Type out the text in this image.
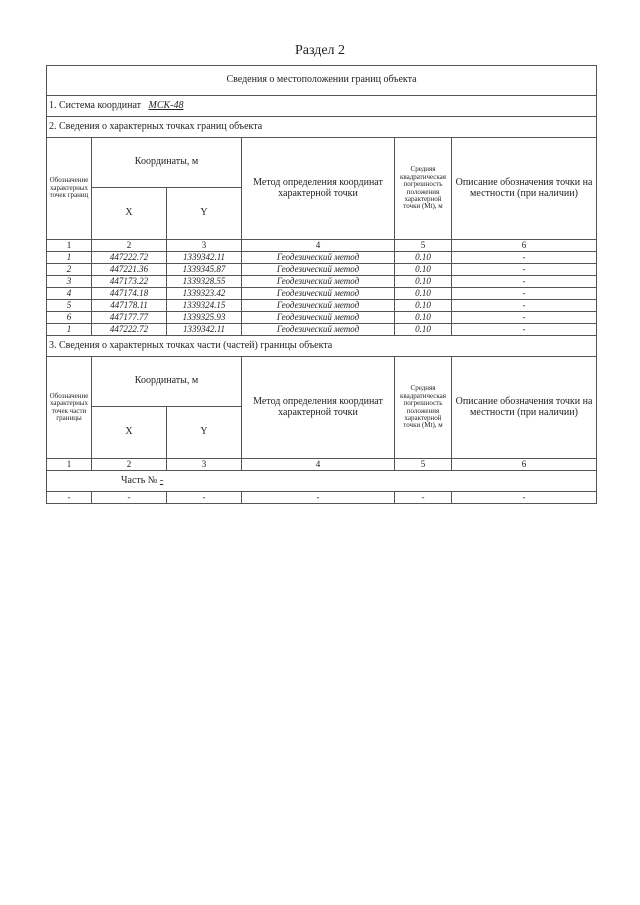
Раздел 2
Сведения о местоположении границ объекта					
1. Система координат МСК-48					
2. Сведения о характерных точках границ объекта					
Обозначение характерных точек границ	Координаты, м		Метод определения координат характерной точки	Средняя квадратическая погрешность положения характерной точки (Mt), м	Описание обозначения точки на местности (при наличии)
	X	Y			
1	2	3	4	5	6
1	447222.72	1339342.11	Геодезический метод	0.10	-
2	447221.36	1339345.87	Геодезический метод	0.10	-
3	447173.22	1339328.55	Геодезический метод	0.10	-
4	447174.18	1339323.42	Геодезический метод	0.10	-
5	447178.11	1339324.15	Геодезический метод	0.10	-
6	447177.77	1339325.93	Геодезический метод	0.10	-
1	447222.72	1339342.11	Геодезический метод	0.10	-
3. Сведения о характерных точках части (частей) границы объекта					
Обозначение характерных точек части границы	Координаты, м		Метод определения координат характерной точки	Средняя квадратическая погрешность положения характерной точки (Mt), м	Описание обозначения точки на местности (при наличии)
	X	Y			
1	2	3	4	5	6
Часть № -					
-	-	-	-	-	-
